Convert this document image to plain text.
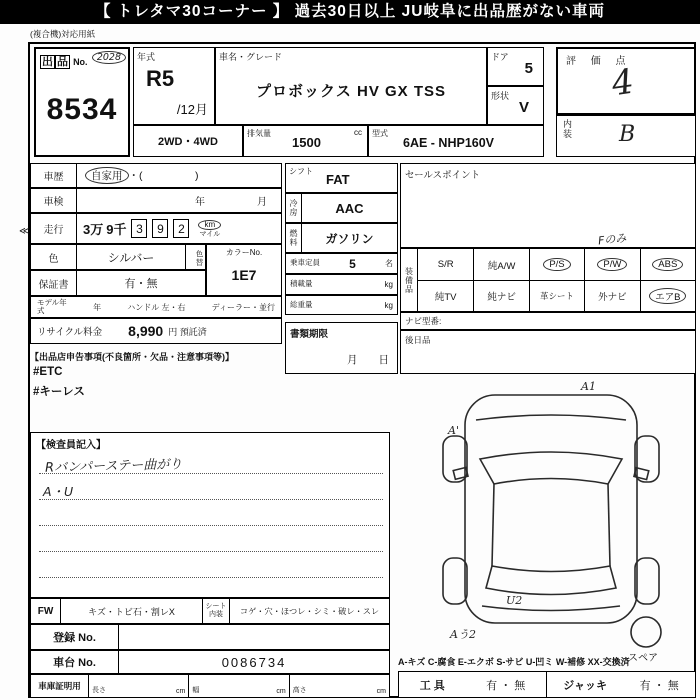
【 トレタマ30コーナー 】 過去30日以上 JU岐阜に出品歴がない車両
(複合機)対応用紙
≪
出 品 No. 2028
8534
年式
R5
/12月
車名・グレード
プロボックス HV GX TSS
ドア
5
形状
V
評 価 点
4
内装 B
2WD・4WD
排気量
1500
cc 型式
6AE - NHP160V
車歴	自家用 ・(　　　　　)
車検	年	月
走行	3万 9千 3	9	2	km
マイル
色	シルバー	色替	カラーNo.
1E7
保証書	有・無
モデル年式	年	ハンドル 左・右	ディーラー・並行
リサイクル料金 8,990 円 預託済
【出品店申告事項(不良箇所・欠品・注意事項等)】
#ETC
#キーレス
シフト
FAT
冷房	AAC
燃料	ガソリン
乗車定員	5	名
積載量	kg
総重量	kg
書類期限
月　　日
セールスポイント
Fのみ
装備品
S/R	純A/W	P/S	P/W	ABS
純TV	純ナビ	革シート	外ナビ	エアB
ナビ型番:
後日品
A1
A'
U2
Aう2
スペア
【検査員記入】
Rバンパーステー曲がり
A・U
FW	キズ・トビ石・割レX	シート内装	コゲ・穴・ほつレ・シミ・破レ・スレ
登録 No.
車台 No.	0086734
車庫証明用	長さ	cm 幅	cm 高さ	cm
A-キズ C-腐食 E-エクボ S-サビ U-凹ミ W-補修 XX-交換済
工 具	有 ・ 無	ジャッキ	有 ・ 無
